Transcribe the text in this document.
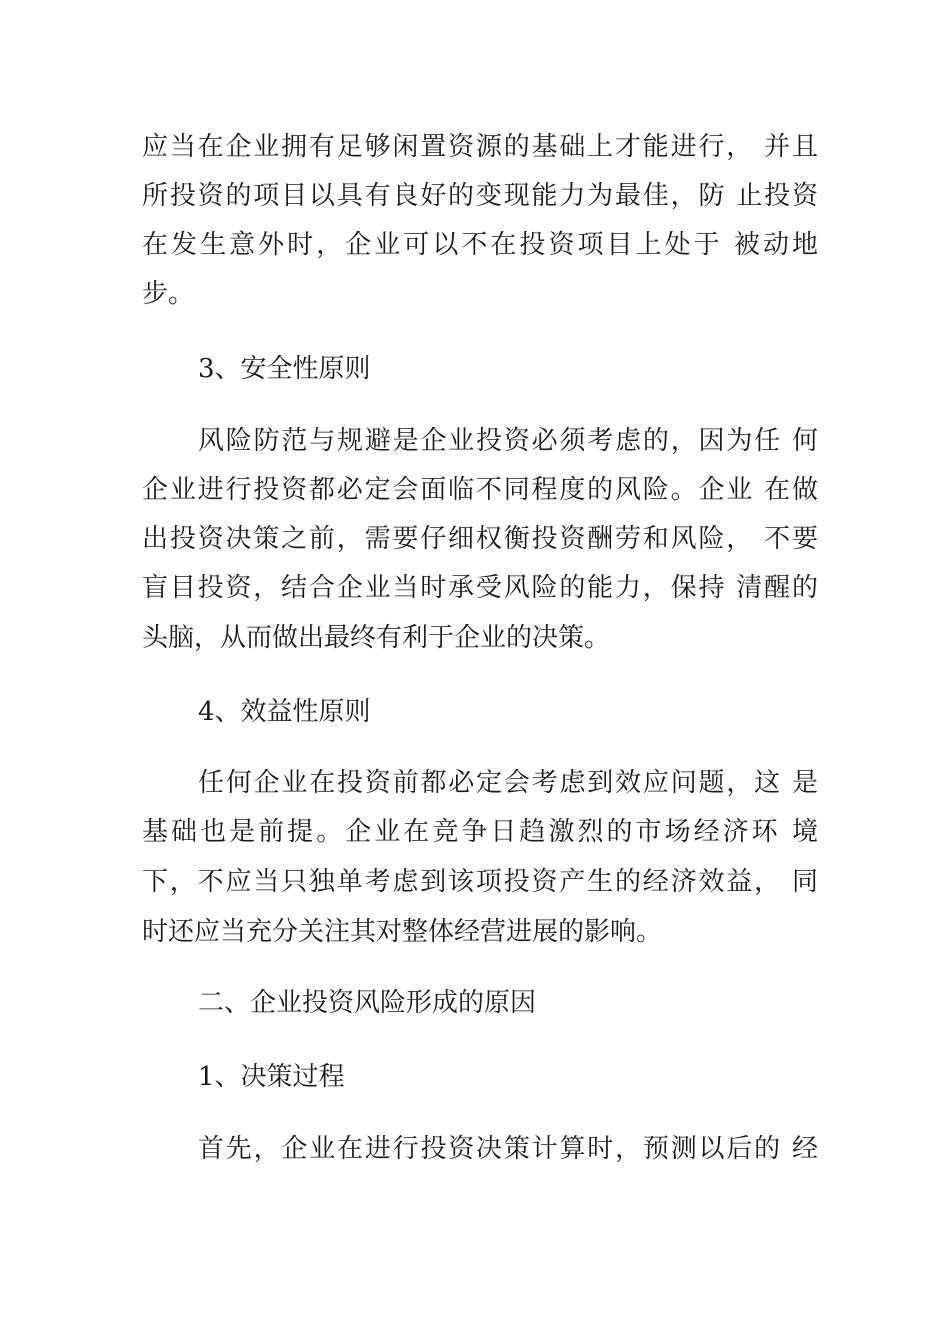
应当在企业拥有足够闲置资源的基础上才能进行， 并且
所投资的项目以具有良好的变现能力为最佳，防 止投资
在发生意外时，企业可以不在投资项目上处于 被动地
步。
3、安全性原则
风险防范与规避是企业投资必须考虑的，因为任 何
企业进行投资都必定会面临不同程度的风险。企业 在做
出投资决策之前，需要仔细权衡投资酬劳和风险， 不要
盲目投资，结合企业当时承受风险的能力，保持 清醒的
头脑，从而做出最终有利于企业的决策。
4、效益性原则
任何企业在投资前都必定会考虑到效应问题，这 是
基础也是前提。企业在竞争日趋激烈的市场经济环 境
下，不应当只独单考虑到该项投资产生的经济效益， 同
时还应当充分关注其对整体经营进展的影响。
二、企业投资风险形成的原因
1、决策过程
首先，企业在进行投资决策计算时，预测以后的 经
